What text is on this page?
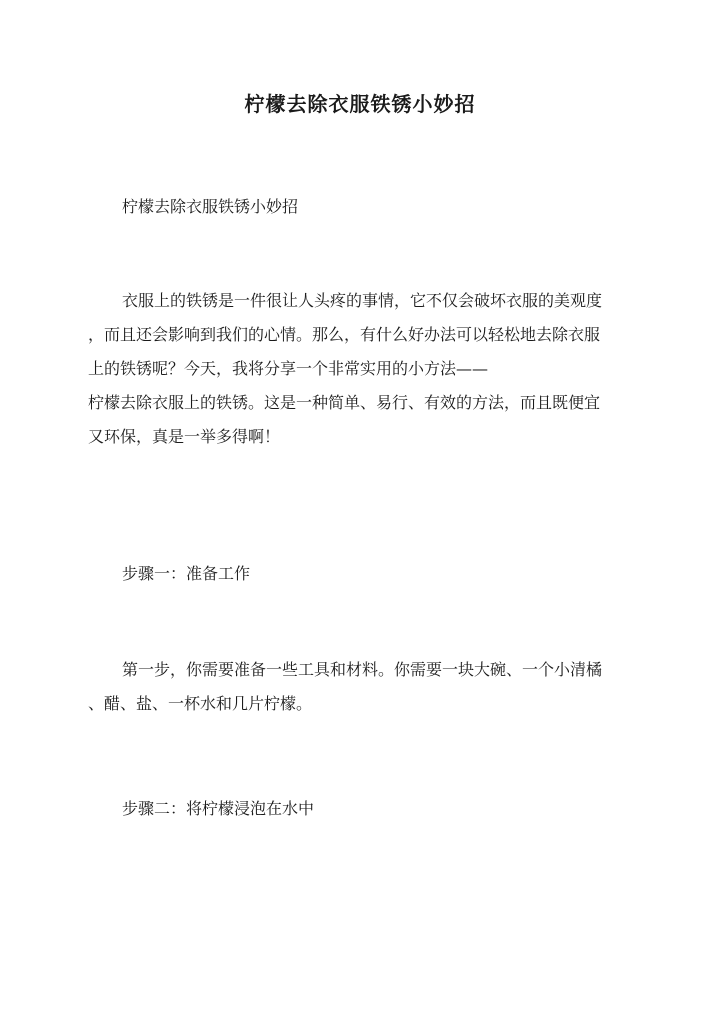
柠檬去除衣服铁锈小妙招

柠檬去除衣服铁锈小妙招

衣服上的铁锈是一件很让人头疼的事情，它不仅会破坏衣服的美观度
，而且还会影响到我们的心情。那么，有什么好办法可以轻松地去除衣服
上的铁锈呢？今天，我将分享一个非常实用的小方法——
柠檬去除衣服上的铁锈。这是一种简单、易行、有效的方法，而且既便宜
又环保，真是一举多得啊！

步骤一：准备工作

第一步，你需要准备一些工具和材料。你需要一块大碗、一个小清橘
、醋、盐、一杯水和几片柠檬。

步骤二：将柠檬浸泡在水中
